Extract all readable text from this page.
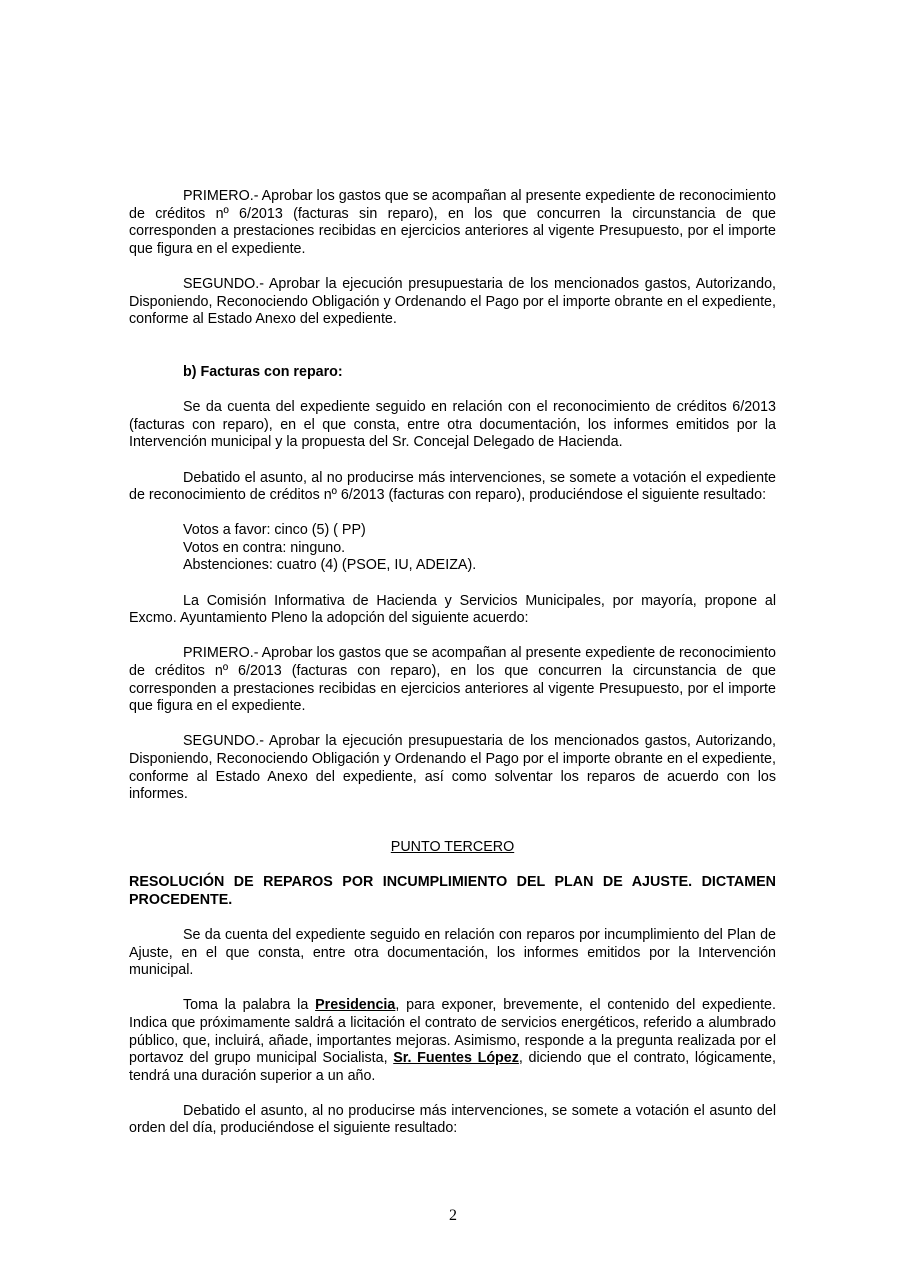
PRIMERO.- Aprobar los gastos que se acompañan al presente expediente de reconocimiento de créditos nº 6/2013 (facturas sin reparo), en los que concurren la circunstancia de que corresponden a prestaciones recibidas en ejercicios anteriores al vigente Presupuesto, por el importe que figura en el expediente.

SEGUNDO.- Aprobar la ejecución presupuestaria de los mencionados gastos, Autorizando, Disponiendo, Reconociendo Obligación y Ordenando el Pago por el importe obrante en el expediente, conforme al Estado Anexo del expediente.

b) Facturas con reparo:

Se da cuenta del expediente seguido en relación con el reconocimiento de créditos 6/2013 (facturas con reparo), en el que consta, entre otra documentación, los informes emitidos por la Intervención municipal y la propuesta del Sr. Concejal Delegado de Hacienda.

Debatido el asunto, al no producirse más intervenciones, se somete a votación el expediente de reconocimiento de créditos nº 6/2013 (facturas con reparo), produciéndose el siguiente resultado:

Votos a favor: cinco (5) ( PP)
Votos en contra: ninguno.
Abstenciones: cuatro (4) (PSOE, IU, ADEIZA).

La Comisión Informativa de Hacienda y Servicios Municipales, por mayoría, propone al Excmo. Ayuntamiento Pleno la adopción del siguiente acuerdo:

PRIMERO.- Aprobar los gastos que se acompañan al presente expediente de reconocimiento de créditos nº 6/2013 (facturas con reparo), en los que concurren la circunstancia de que corresponden a prestaciones recibidas en ejercicios anteriores al vigente Presupuesto, por el importe que figura en el expediente.

SEGUNDO.- Aprobar la ejecución presupuestaria de los mencionados gastos, Autorizando, Disponiendo, Reconociendo Obligación y Ordenando el Pago por el importe obrante en el expediente, conforme al Estado Anexo del expediente, así como solventar los reparos de acuerdo con los informes.

PUNTO TERCERO

RESOLUCIÓN DE REPAROS POR INCUMPLIMIENTO DEL PLAN DE AJUSTE. DICTAMEN PROCEDENTE.

Se da cuenta del expediente seguido en relación con reparos por incumplimiento del Plan de Ajuste, en el que consta, entre otra documentación, los informes emitidos por la Intervención municipal.

Toma la palabra la Presidencia, para exponer, brevemente, el contenido del expediente. Indica que próximamente saldrá a licitación el contrato de servicios energéticos, referido a alumbrado público, que, incluirá, añade, importantes mejoras. Asimismo, responde a la pregunta realizada por el portavoz del grupo municipal Socialista, Sr. Fuentes López, diciendo que el contrato, lógicamente, tendrá una duración superior a un año.

Debatido el asunto, al no producirse más intervenciones, se somete a votación el asunto del orden del día, produciéndose el siguiente resultado:

2
